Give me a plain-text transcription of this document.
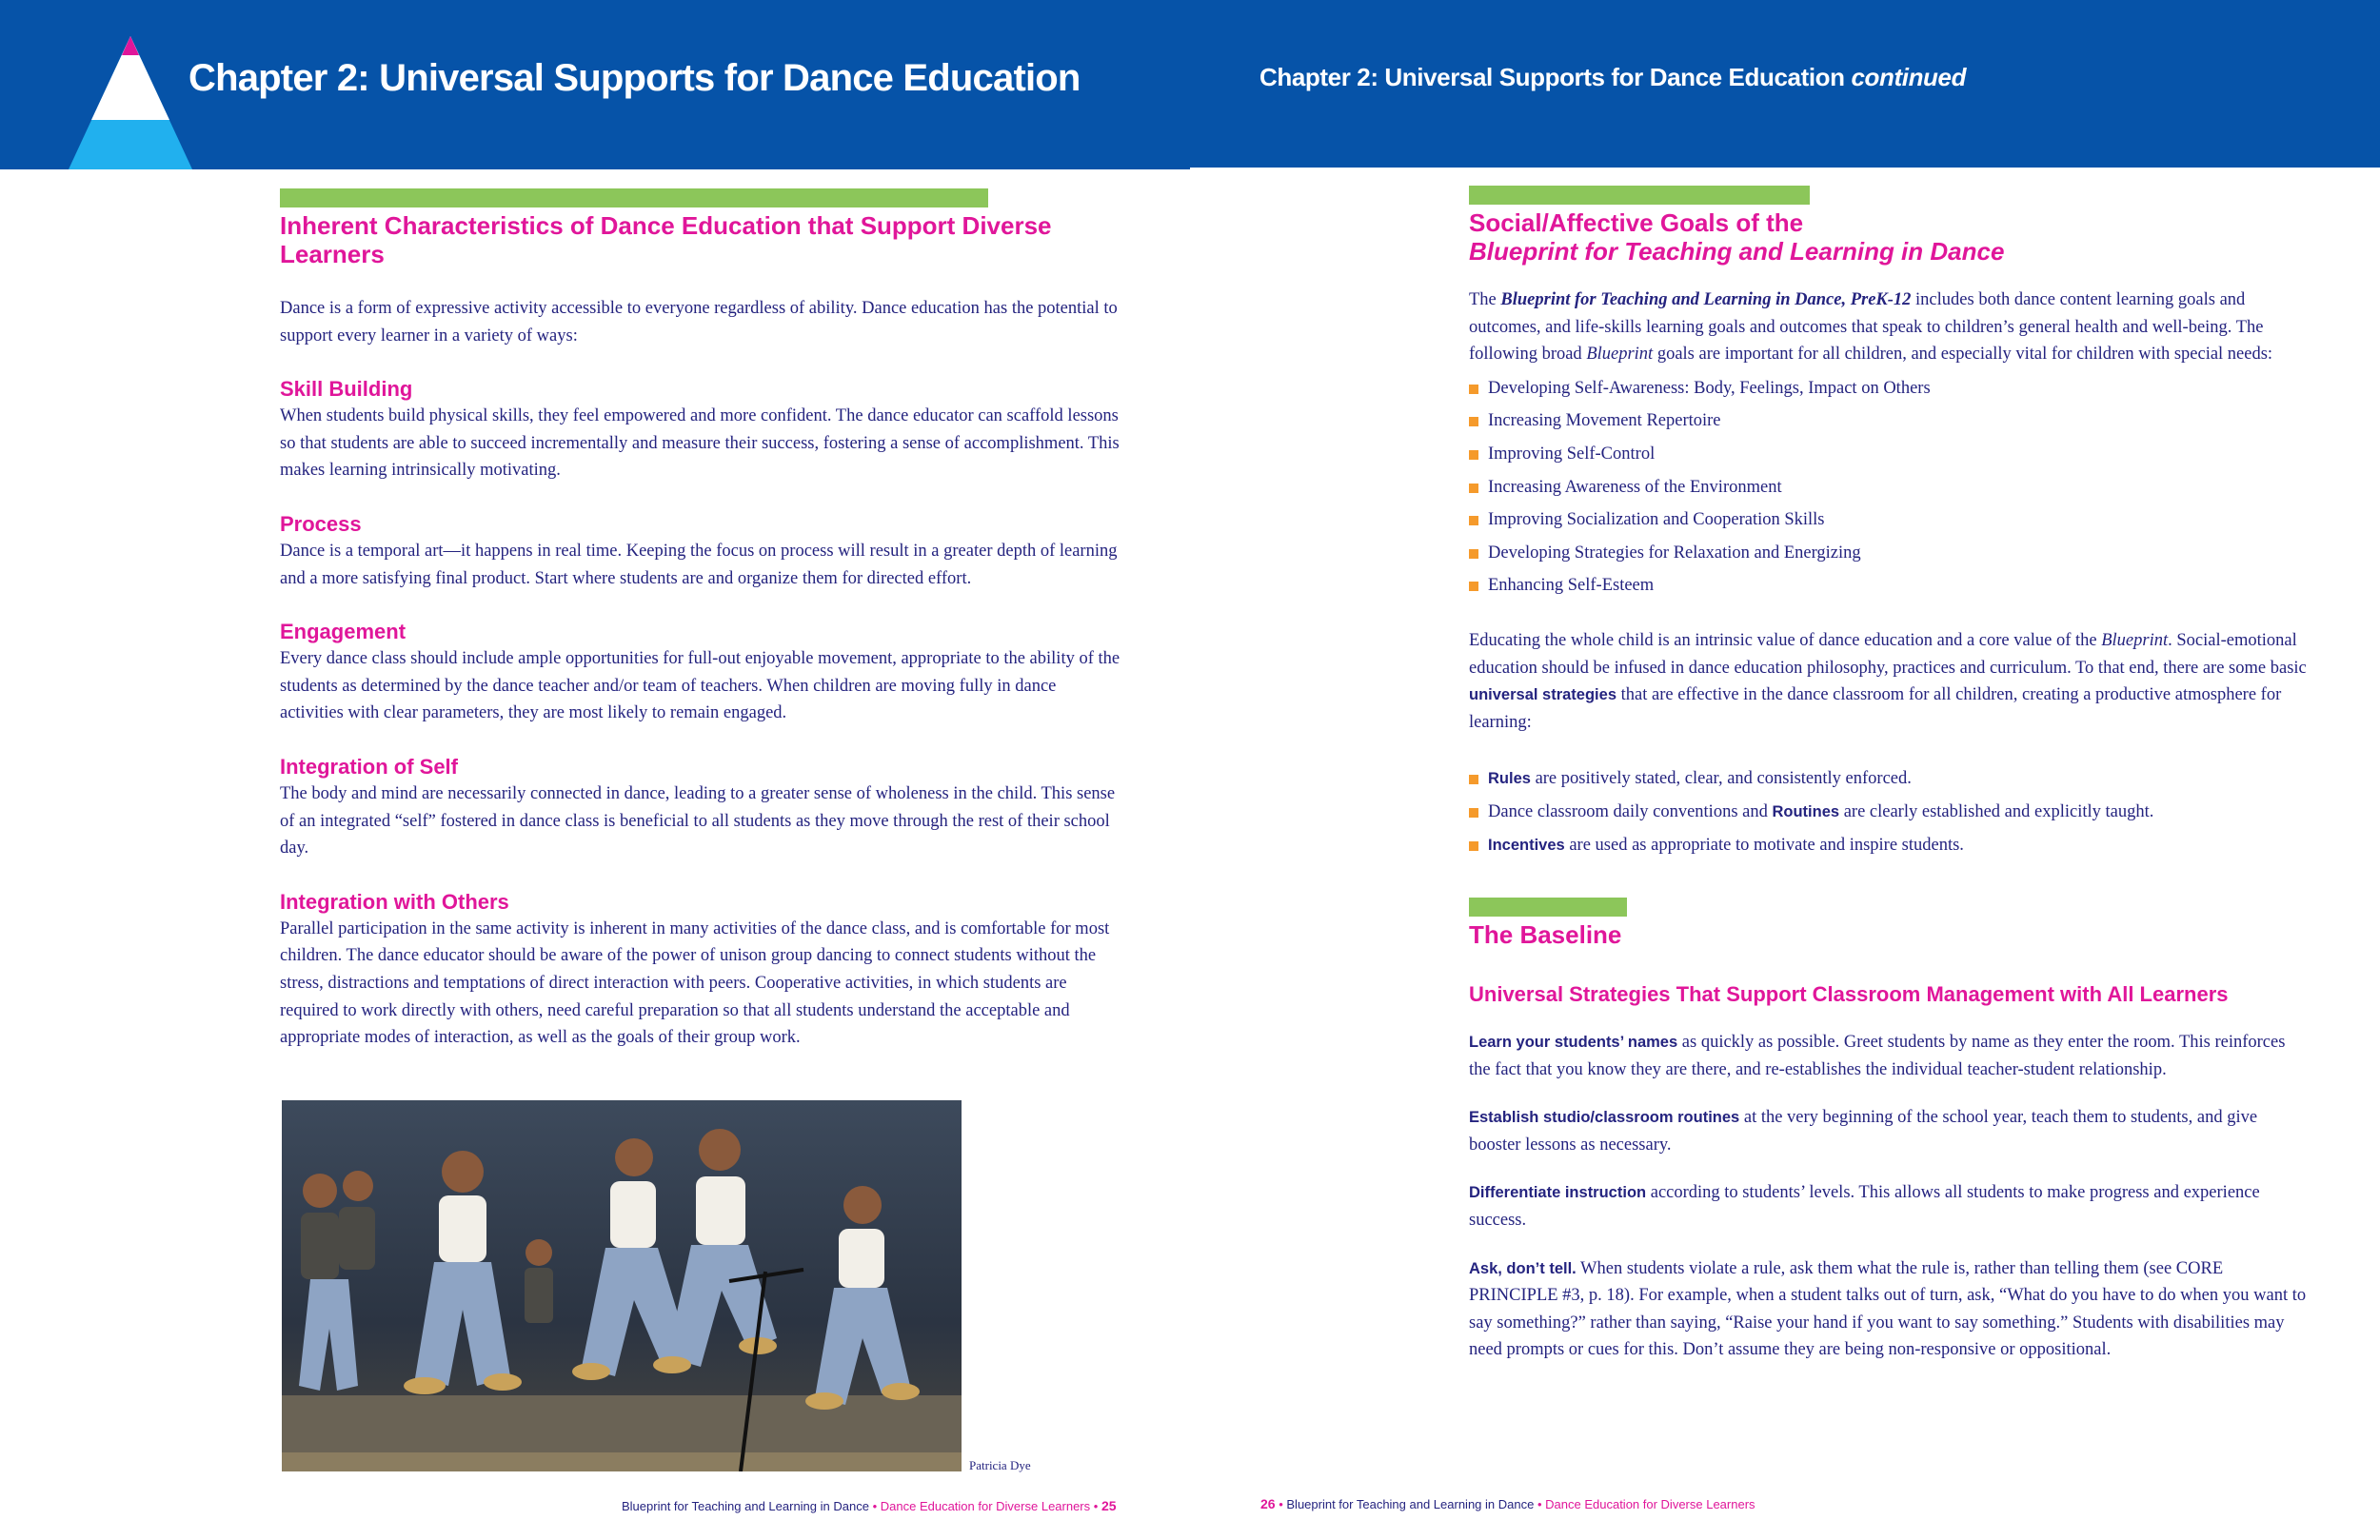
Chapter 2: Universal Supports for Dance Education	Chapter 2: Universal Supports for Dance Education continued
Inherent Characteristics of Dance Education that Support Diverse Learners

Dance is a form of expressive activity accessible to everyone regardless of ability. Dance education has the potential to support every learner in a variety of ways:

Skill Building

When students build physical skills, they feel empowered and more confident. The dance educator can scaffold lessons so that students are able to succeed incrementally and measure their success, fostering a sense of accomplishment. This makes learning intrinsically motivating.

Process

Dance is a temporal art—it happens in real time. Keeping the focus on process will result in a greater depth of learning and a more satisfying final product. Start where students are and organize them for directed effort.

Engagement

Every dance class should include ample opportunities for full-out enjoyable movement, appropriate to the ability of the students as determined by the dance teacher and/or team of teachers. When children are moving fully in dance activities with clear parameters, they are most likely to remain engaged.

Integration of Self

The body and mind are necessarily connected in dance, leading to a greater sense of wholeness in the child. This sense of an integrated “self” fostered in dance class is beneficial to all students as they move through the rest of their school day.

Integration with Others

Parallel participation in the same activity is inherent in many activities of the dance class, and is comfortable for most children. The dance educator should be aware of the power of unison group dancing to connect students without the stress, distractions and temptations of direct interaction with peers. Cooperative activities, in which students are required to work directly with others, need careful preparation so that all students understand the acceptable and appropriate modes of interaction, as well as the goals of their group work.

Patricia Dye
Blueprint for Teaching and Learning in Dance • Dance Education for Diverse Learners • 25
Social/Affective Goals of the
Blueprint for Teaching and Learning in Dance

The Blueprint for Teaching and Learning in Dance, PreK-12 includes both dance content learning goals and outcomes, and life-skills learning goals and outcomes that speak to children’s general health and well-being. The following broad Blueprint goals are important for all children, and especially vital for children with special needs:

Developing Self-Awareness: Body, Feelings, Impact on Others
Increasing Movement Repertoire
Improving Self-Control
Increasing Awareness of the Environment
Improving Socialization and Cooperation Skills
Developing Strategies for Relaxation and Energizing
Enhancing Self-Esteem

Educating the whole child is an intrinsic value of dance education and a core value of the Blueprint. Social-emotional education should be infused in dance education philosophy, practices and curriculum. To that end, there are some basic universal strategies that are effective in the dance classroom for all children, creating a productive atmosphere for learning:

Rules are positively stated, clear, and consistently enforced.
Dance classroom daily conventions and Routines are clearly established and explicitly taught.
Incentives are used as appropriate to motivate and inspire students.
The Baseline
Universal Strategies That Support Classroom Management with All Learners

Learn your students’ names as quickly as possible. Greet students by name as they enter the room. This reinforces the fact that you know they are there, and re-establishes the individual teacher-student relationship.

Establish studio/classroom routines at the very beginning of the school year, teach them to students, and give booster lessons as necessary.

Differentiate instruction according to students’ levels. This allows all students to make progress and experience success.

Ask, don’t tell. When students violate a rule, ask them what the rule is, rather than telling them (see CORE PRINCIPLE #3, p. 18). For example, when a student talks out of turn, ask, “What do you have to do when you want to say something?” rather than saying, “Raise your hand if you want to say something.” Students with disabilities may need prompts or cues for this. Don’t assume they are being non-responsive or oppositional.

26 • Blueprint for Teaching and Learning in Dance • Dance Education for Diverse Learners
